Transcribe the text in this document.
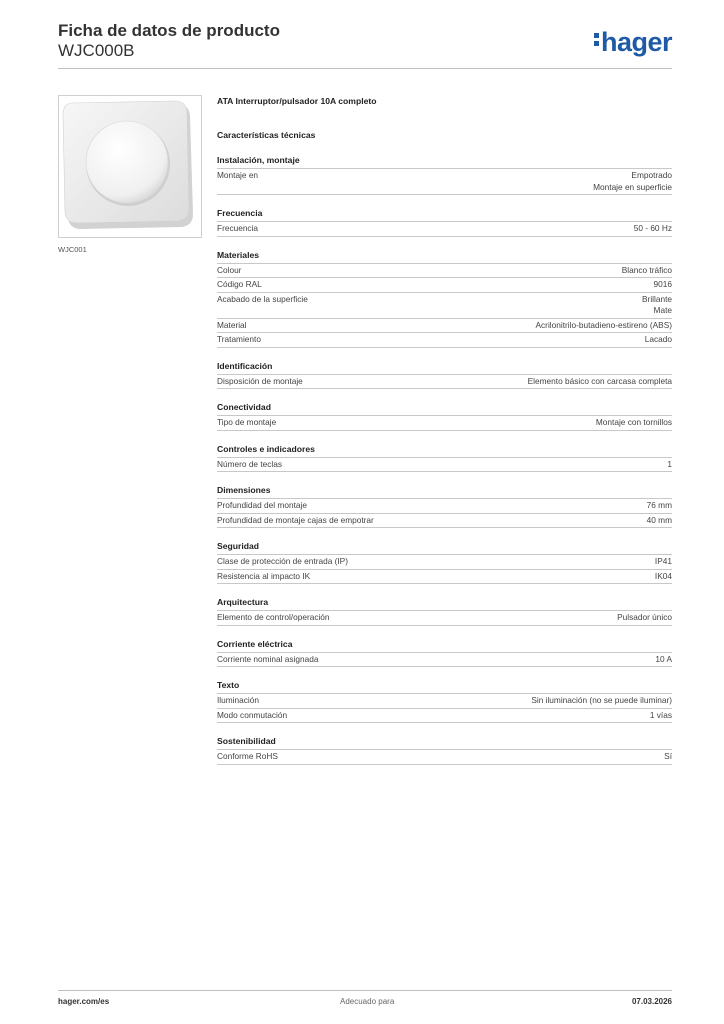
Ficha de datos de producto
WJC000B	hager
WJC001
ATA Interruptor/pulsador 10A completo
Características técnicas
Instalación, montaje
Montaje en	Empotrado
Montaje en superficie
Frecuencia
Frecuencia	50 - 60 Hz
Materiales
Colour	Blanco tráfico
Código RAL	9016
Acabado de la superficie	Brillante
Mate
Material	Acrilonitrilo-butadieno-estireno (ABS)
Tratamiento	Lacado
Identificación
Disposición de montaje	Elemento básico con carcasa completa
Conectividad
Tipo de montaje	Montaje con tornillos
Controles e indicadores
Número de teclas	1
Dimensiones
Profundidad del montaje	76 mm
Profundidad de montaje cajas de empotrar	40 mm
Seguridad
Clase de protección de entrada (IP)	IP41
Resistencia al impacto IK	IK04
Arquitectura
Elemento de control/operación	Pulsador único
Corriente eléctrica
Corriente nominal asignada	10 A
Texto
Iluminación	Sin iluminación (no se puede iluminar)
Modo conmutación	1 vías
Sostenibilidad
Conforme RoHS	Sí
hager.com/es	Adecuado para	07.03.2026
